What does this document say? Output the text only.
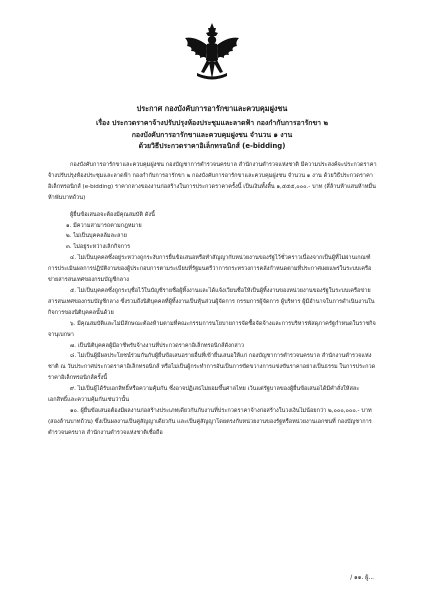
ประกาศ กองบังคับการอารักขาและควบคุมฝูงชน

เรื่อง ประกวดราคาจ้างปรับปรุงห้องประชุมและลาดฟ้า กองกำกับการอารักขา ๒

กองบังคับการอารักขาและควบคุมฝูงชน จำนวน ๑ งาน

ด้วยวิธีประกวดราคาอิเล็กทรอนิกส์ (e-bidding)

กองบังคับการอารักขาและควบคุมฝูงชน กองบัญชาการตำรวจนครบาล สำนักงานตำรวจแห่งชาติ มีความประสงค์จะประกวดราคาจ้างปรับปรุงห้องประชุมและลาดฟ้า กองกำกับการอารักขา ๒ กองบังคับการอารักขาและควบคุมฝูงชน จำนวน ๑ งาน ด้วยวิธีประกวดราคาอิเล็กทรอนิกส์ (e-bidding) ราคากลางของงานก่อสร้างในการประกวดราคาครั้งนี้ เป็นเงินทั้งสิ้น ๑,๕๕๕,๐๐๐.- บาท (สี่ล้านห้าแสนห้าหมื่นห้าพันบาทถ้วน)

ผู้ยื่นข้อเสนอจะต้องมีคุณสมบัติ ดังนี้

๑. มีความสามารถตามกฎหมาย

๒. ไม่เป็นบุคคลล้มละลาย

๓. ไม่อยู่ระหว่างเลิกกิจการ

๔. ไม่เป็นบุคคลซึ่งอยู่ระหว่างถูกระงับการยื่นข้อเสนอหรือทำสัญญากับหน่วยงานของรัฐไว้ชั่วคราวเนื่องจากเป็นผู้ที่ไม่ผ่านเกณฑ์การประเมินผลการปฏิบัติงานของผู้ประกอบการตามระเบียบที่รัฐมนตรีว่าการกระทรวงการคลังกำหนดตามที่ประกาศเผยแพร่ในระบบเครือข่ายสารสนเทศของกรมบัญชีกลาง

๕. ไม่เป็นบุคคลซึ่งถูกระบุชื่อไว้ในบัญชีรายชื่อผู้ทิ้งงานและได้แจ้งเวียนชื่อให้เป็นผู้ทิ้งงานของหน่วยงานของรัฐในระบบเครือข่ายสารสนเทศของกรมบัญชีกลาง ซึ่งรวมถึงนิติบุคคลที่ผู้ทิ้งงานเป็นหุ้นส่วนผู้จัดการ กรรมการผู้จัดการ ผู้บริหาร ผู้มีอำนาจในการดำเนินงานในกิจการของนิติบุคคลนั้นด้วย

๖. มีคุณสมบัติและไม่มีลักษณะต้องห้ามตามที่คณะกรรมการนโยบายการจัดซื้อจัดจ้างและการบริหารพัสดุภาครัฐกำหนดในราชกิจจานุเบกษา

๗. เป็นนิติบุคคลผู้มีอาชีพรับจ้างงานที่ประกวดราคาอิเล็กทรอนิกส์ดังกล่าว

๘. ไม่เป็นผู้มีผลประโยชน์ร่วมกันกับผู้ยื่นข้อเสนอรายอื่นที่เข้ายื่นเสนอให้แก่ กองบัญชาการตำรวจนครบาล สำนักงานตำรวจแห่งชาติ ณ วันประกาศประกวดราคาอิเล็กทรอนิกส์ หรือไม่เป็นผู้กระทำการอันเป็นการขัดขวางการแข่งขันราคาอย่างเป็นธรรม ในการประกวดราคาอิเล็กทรอนิกส์ครั้งนี้

๙. ไม่เป็นผู้ได้รับเอกสิทธิ์หรือความคุ้มกัน ซึ่งอาจปฏิเสธไม่ยอมขึ้นศาลไทย เว้นแต่รัฐบาลของผู้ยื่นข้อเสนอได้มีคำสั่งให้สละเอกสิทธิ์และความคุ้มกันเช่นว่านั้น

๑๐. ผู้ยื่นข้อเสนอต้องมีผลงานก่อสร้างประเภทเดียวกันกับงานที่ประกวดราคาจ้างก่อสร้างในวงเงินไม่น้อยกว่า ๒,๐๐๐,๐๐๐.- บาท (สองล้านบาทถ้วน) ซึ่งเป็นผลงานเป็นคู่สัญญาเดียวกัน และเป็นคู่สัญญาโดยตรงกับหน่วยงานของรัฐหรือหน่วยงานเอกชนที่ กองบัญชาการตำรวจนครบาล สำนักงานตำรวจแห่งชาติเชื่อถือ

/ ๑๑. ผู้...
